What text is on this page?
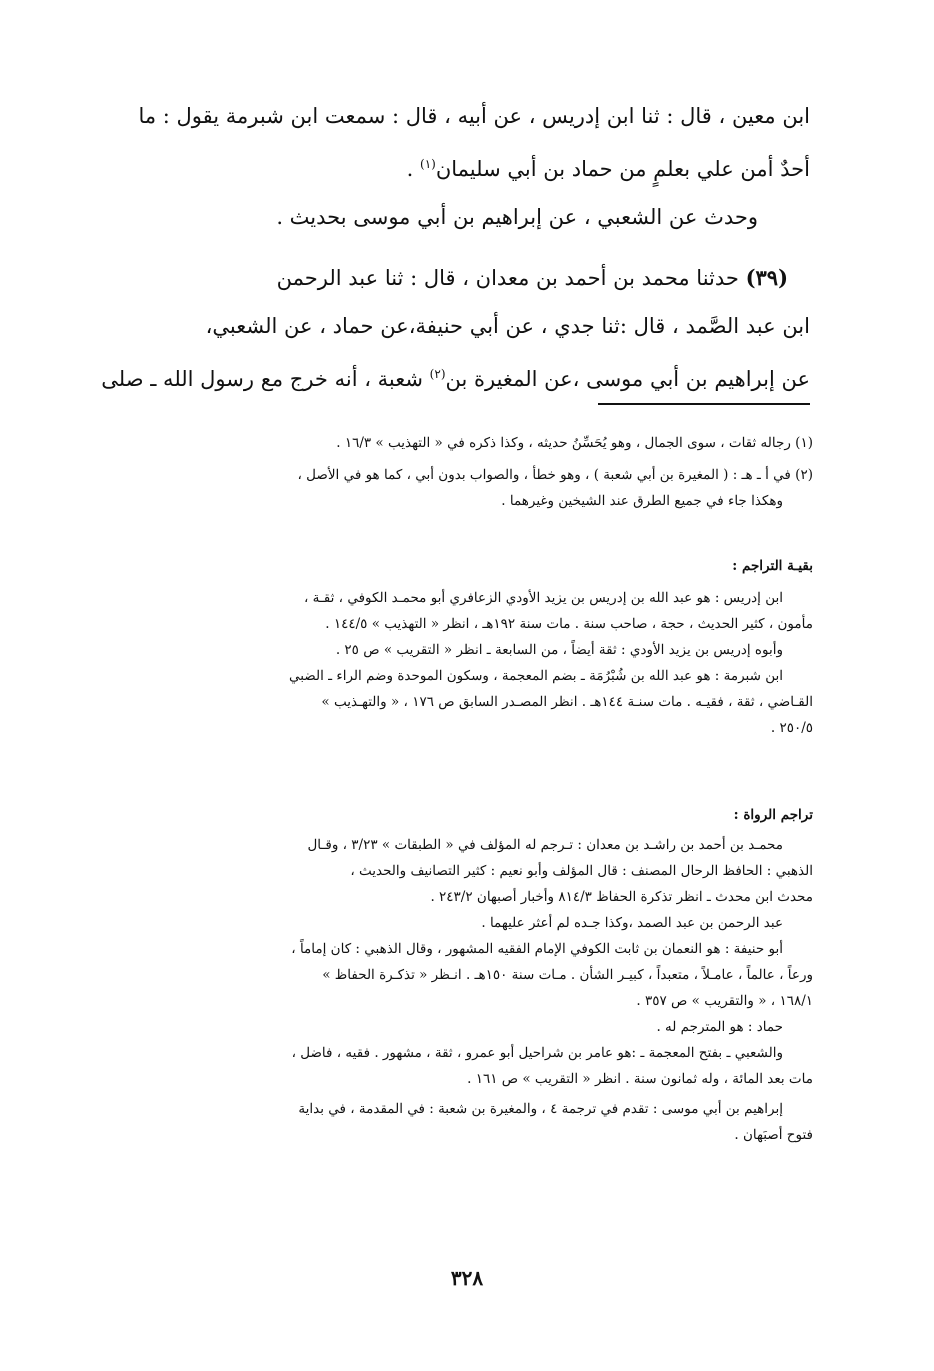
ابن معين ، قال : ثنا ابن إدريس ، عن أبيه ، قال : سمعت ابن شبرمة يقول : ما

أحدٌ أمن علي بعلمٍ من حماد بن أبي سليمان$^{(١)}$ .

وحدث عن الشعبي ، عن إبراهيم بن أبي موسى بحديث .

(٣٩) حدثنا محمد بن أحمد بن معدان ، قال : ثنا عبد الرحمن

ابن عبد الصَّمد ، قال :ثنا جدي ، عن أبي حنيفة،عن حماد ، عن الشعبي،

عن إبراهيم بن أبي موسى ،عن المغيرة بن$^{(٢)}$ شعبة ، أنه خرج مع رسول الله ـ صلى

(١) رجاله ثقات ، سوى الجمال ، وهو يُحَسِّنُ حديثه ، وكذا ذكره في « التهذيب » ١٦/٣ .

(٢) في أ ـ هـ : ( المغيرة بن أبي شعبة ) ، وهو خطأ ، والصواب بدون أبي ، كما هو في الأصل ،

وهكذا جاء في جميع الطرق عند الشيخين وغيرهما .

بقيـة التراجم :

ابن إدريس : هو عبد الله بن إدريس بن يزيد الأودي الزعافري أبو محمـد الكوفي ، ثقـة ،

مأمون ، كثير الحديث ، حجة ، صاحب سنة . مات سنة ١٩٢هـ ، انظر « التهذيب » ١٤٤/٥ .

وأبوه إدريس بن يزيد الأودي : ثقة أيضاً ، من السابعة ـ انظر « التقريب » ص ٢٥ .

ابن شبرمة : هو عبد الله بن شُبْرُمَة ـ بضم المعجمة ، وسكون الموحدة وضم الراء ـ الضبي

القـاضي ، ثقة ، فقيـه . مات سنـة ١٤٤هـ . انظر المصـدر السابق ص ١٧٦ ، « والتهـذيب »

٢٥٠/٥ .

تراجم الرواة :

محمـد بن أحمد بن راشـد بن معدان : تـرجم له المؤلف في « الطبقات » ٣/٢٣ ، وقـال

الذهبي : الحافظ الرحال المصنف : قال المؤلف وأبو نعيم : كثير التصانيف والحديث ،

محدث ابن محدث ـ انظر تذكرة الحفاظ ٨١٤/٣ وأخبار أصبهان ٢٤٣/٢ .

عبد الرحمن بن عبد الصمد ،وكذا جـده لم أعثر عليهما .

أبو حنيفة : هو النعمان بن ثابت الكوفي الإمام الفقيه المشهور ، وقال الذهبي : كان إماماً ،

ورعاً ، عالماً ، عامـلاً ، متعبداً ، كبيـر الشأن . مـات سنة ١٥٠هـ . انـظر « تذكـرة الحفاظ »

١٦٨/١ ، « والتقريب » ص ٣٥٧ .

حماد : هو المترجم له .

والشعبي ـ بفتح المعجمة ـ :هو عامر بن شراحيل أبو عمرو ، ثقة ، مشهور . فقيه ، فاضل ،

مات بعد المائة ، وله ثمانون سنة . انظر « التقريب » ص ١٦١ .

إبراهيم بن أبي موسى : تقدم في ترجمة ٤ ، والمغيرة بن شعبة : في المقدمة ، في بداية

فتوح أصبَهان .

٣٢٨
